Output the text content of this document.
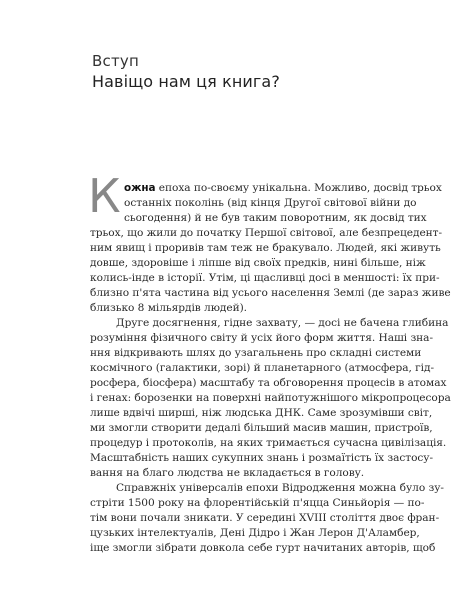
Вступ
Навіщо нам ця книга?
К ожна епоха по-своєму унікальна. Можливо, досвід трьох
останніх поколінь (від кінця Другої світової війни до
сьогодення) й не був таким поворотним, як досвід тих
трьох, що жили до початку Першої світової, але безпрецедент-
ним явищ і проривів там теж не бракувало. Людей, які живуть
довше, здоровіше і ліпше від своїх предків, нині більше, ніж
колись-інде в історії. Утім, ці щасливці досі в меншості: їх при-
близно п'ята частина від усього населення Землі (де зараз живе
близько 8 мільярдів людей).
Друге досягнення, гідне захвату, — досі не бачена глибина
розуміння фізичного світу й усіх його форм життя. Наші зна-
ння відкривають шлях до узагальнень про складні системи
космічного (галактики, зорі) й планетарного (атмосфера, гід-
росфера, біосфера) масштабу та обговорення процесів в атомах
і генах: борозенки на поверхні найпотужнішого мікропроцесора
лише вдвічі ширші, ніж людська ДНК. Саме зрозумівши світ,
ми змогли створити дедалі більший масив машин, пристроїв,
процедур і протоколів, на яких тримається сучасна цивілізація.
Масштабність наших сукупних знань і розмаїтість їх застосу-
вання на благо людства не вкладається в голову.
Справжніх універсалів епохи Відродження можна було зу-
стріти 1500 року на флорентійській п'яцца Синьйорія — по-
тім вони почали зникати. У середині XVIII століття двоє фран-
цузьких інтелектуалів, Дені Дідро і Жан Лерон Д'Аламбер,
іще змогли зібрати довкола себе гурт начитаних авторів, щоб
